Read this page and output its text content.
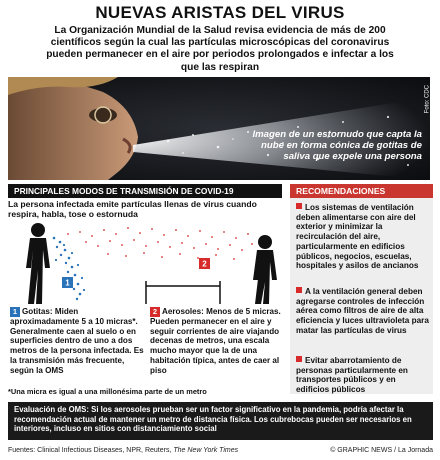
NUEVAS ARISTAS DEL VIRUS
La Organización Mundial de la Salud revisa evidencia de más de 200 científicos según la cual las partículas microscópicas del coronavirus pueden permanecer en el aire por periodos prolongados e infectar a los que las respiran
Foto: CDC
Imagen de un estornudo que capta la nube en forma cónica de gotitas de saliva que expele una persona
PRINCIPALES MODOS DE TRANSMISIÓN DE COVID-19
La persona infectada emite partículas llenas de virus cuando respira, habla, tose o estornuda
1
2
1 Gotitas: Miden aproximadamente 5 a 10 micras*. Generalmente caen al suelo o en superficies dentro de uno a dos metros de la persona infectada. Es la transmisión más frecuente, según la OMS
2 Aerosoles: Menos de 5 micras. Pueden permanecer en el aire y seguir corrientes de aire viajando decenas de metros, una escala mucho mayor que la de una habitación típica, antes de caer al piso
*Una micra es igual a una millonésima parte de un metro
RECOMENDACIONES
Los sistemas de ventilación deben alimentarse con aire del exterior y minimizar la recirculación del aire, particularmente en edificios públicos, negocios, escuelas, hospitales y asilos de ancianos
A la ventilación general deben agregarse controles de infección aérea como filtros de aire de alta eficiencia y luces ultravioleta para matar las partículas de virus
Evitar abarrotamiento de personas particularmente en transportes públicos y en edificios públicos
Evaluación de OMS: Si los aerosoles prueban ser un factor significativo en la pandemia, podría afectar la recomendación actual de mantener un metro de distancia física. Los cubrebocas pueden ser necesarios en interiores, incluso en sitios con distanciamiento social
Fuentes: Clinical Infectious Diseases, NPR, Reuters, The New York Times	© GRAPHIC NEWS / La Jornada
